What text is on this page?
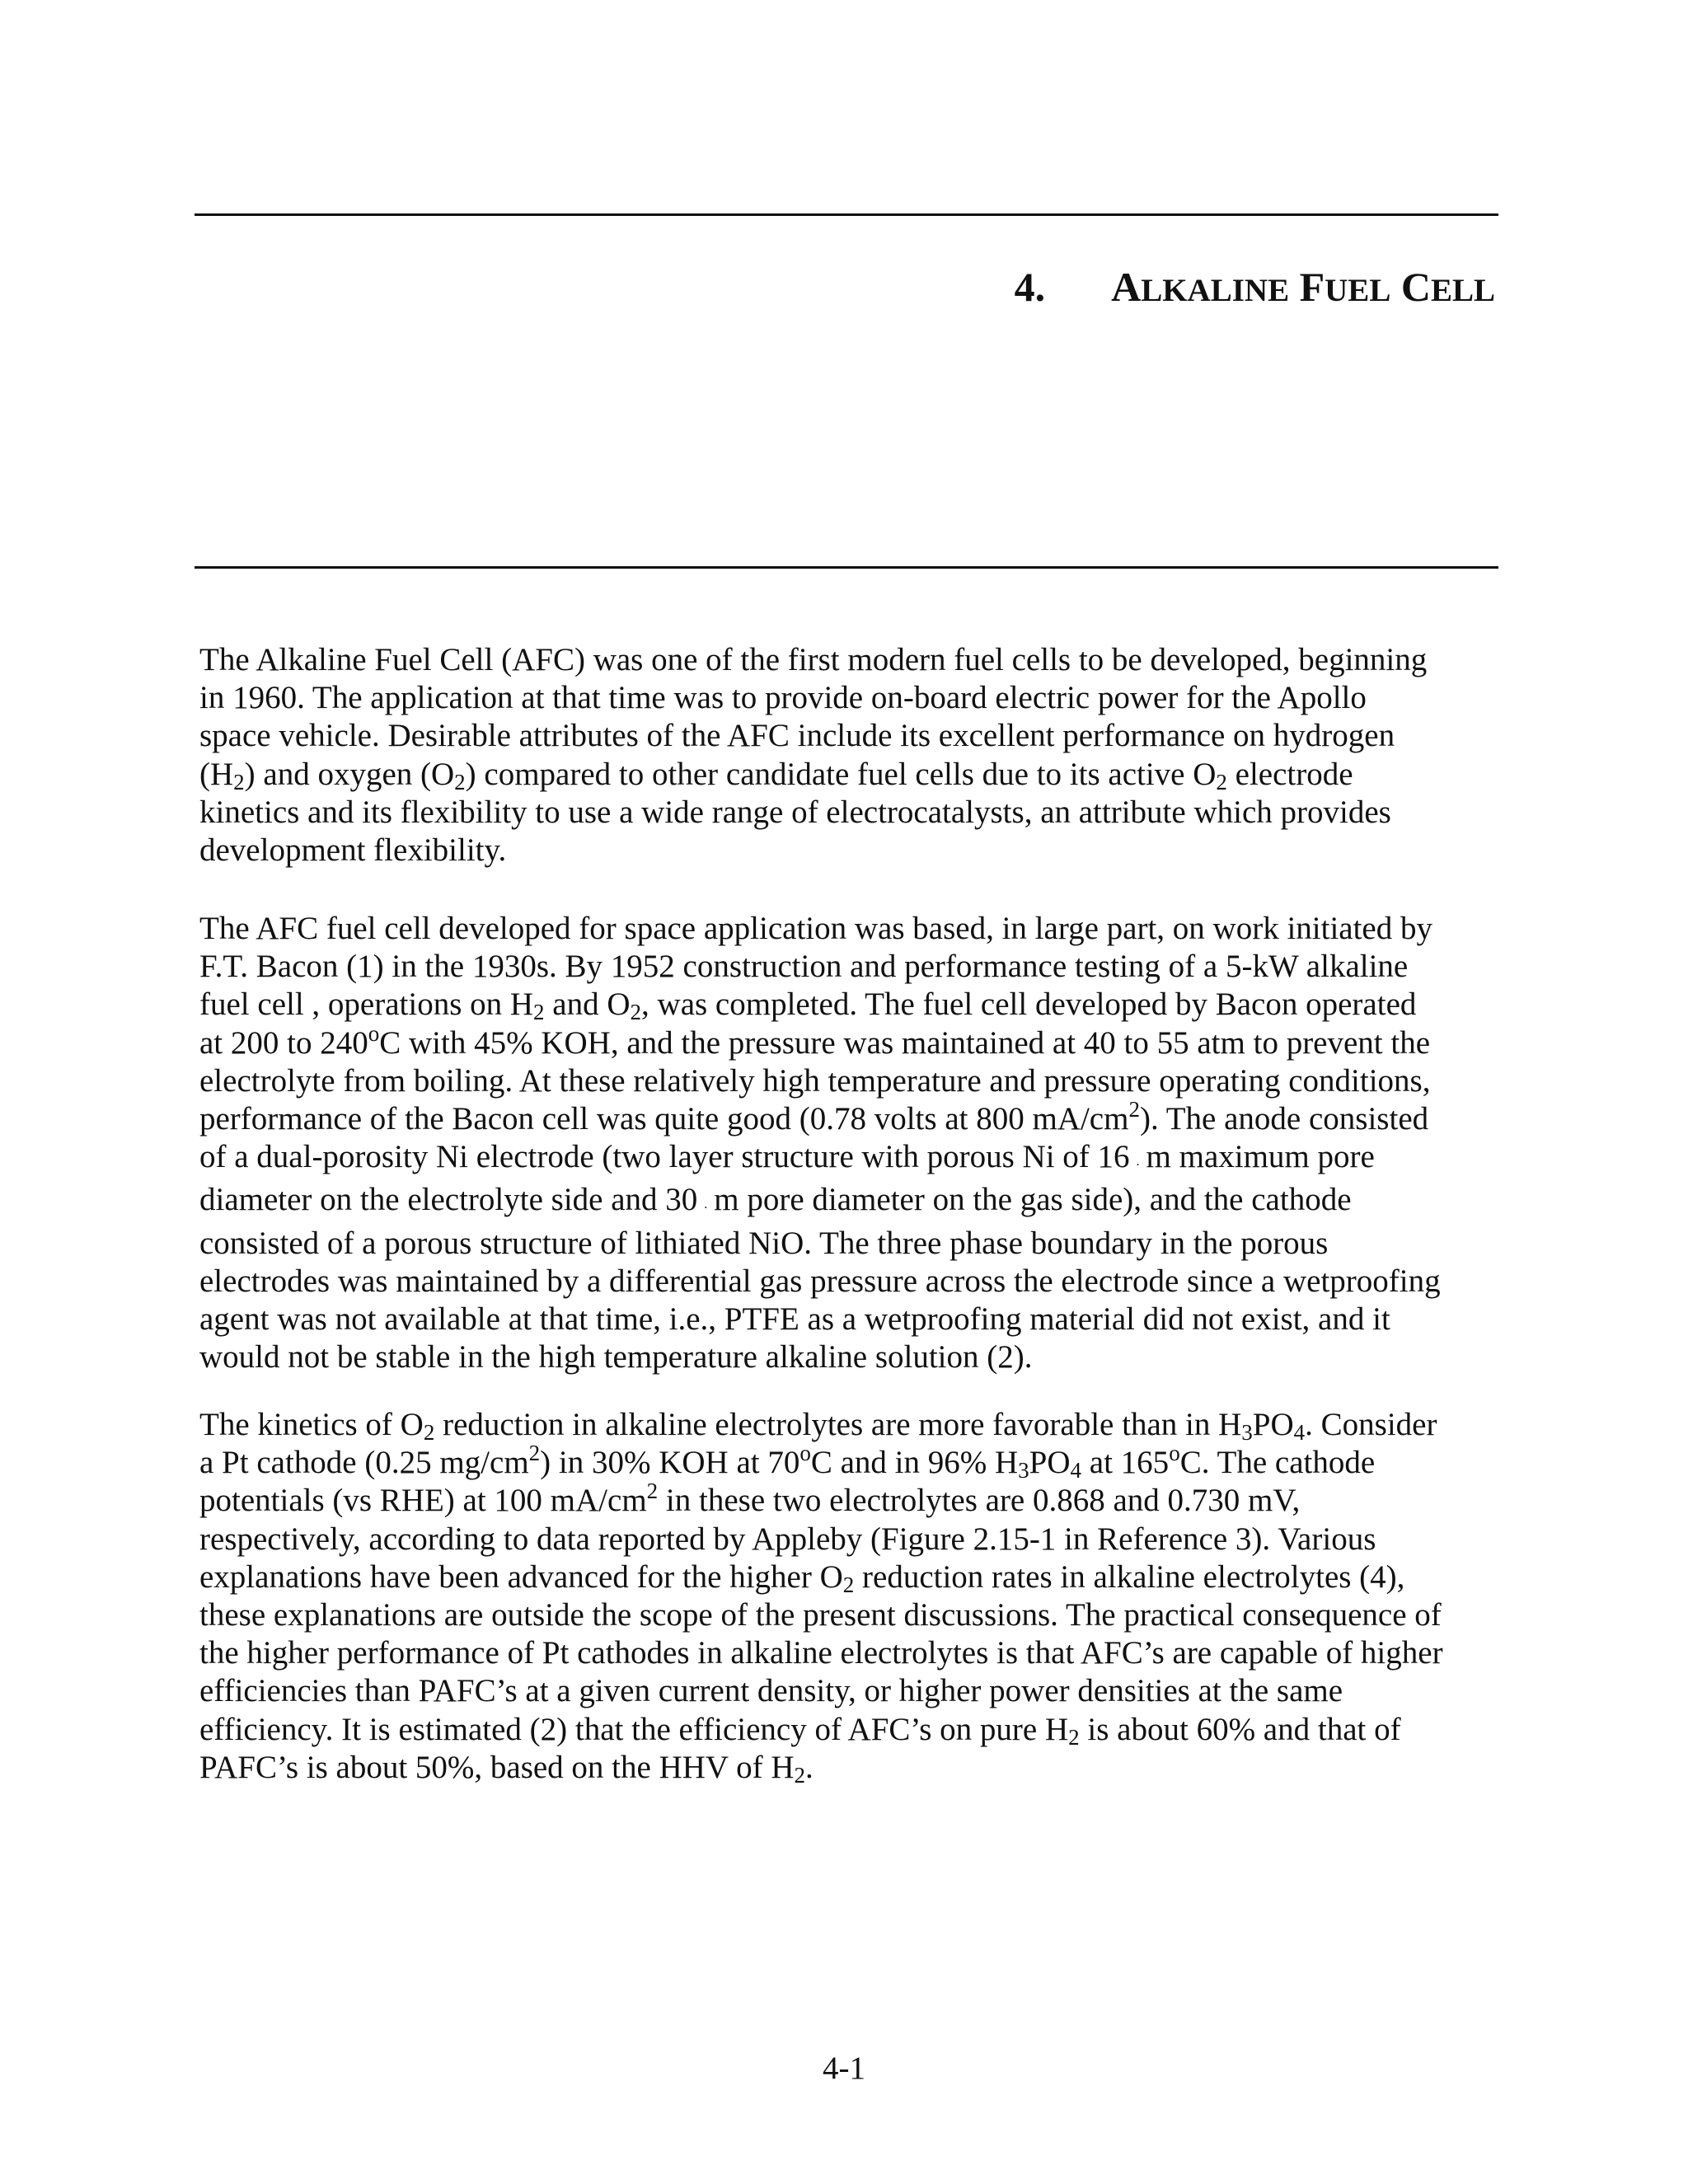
4. ALKALINE FUEL CELL
The Alkaline Fuel Cell (AFC) was one of the first modern fuel cells to be developed, beginning
in 1960. The application at that time was to provide on-board electric power for the Apollo
space vehicle. Desirable attributes of the AFC include its excellent performance on hydrogen
$(H_2)$ and oxygen $(O_2)$ compared to other candidate fuel cells due to its active $O_2$ electrode
kinetics and its flexibility to use a wide range of electrocatalysts, an attribute which provides
development flexibility.
The AFC fuel cell developed for space application was based, in large part, on work initiated by
F.T. Bacon (1) in the 1930s. By 1952 construction and performance testing of a 5-kW alkaline
fuel cell , operations on $H_2$ and $O_2$, was completed. The fuel cell developed by Bacon operated
at 200 to 240$^o$C with 45% KOH, and the pressure was maintained at 40 to 55 atm to prevent the
electrolyte from boiling. At these relatively high temperature and pressure operating conditions,
performance of the Bacon cell was quite good (0.78 volts at 800 $mA/cm^2$). The anode consisted
of a dual-porosity Ni electrode (two layer structure with porous Ni of 16 . m maximum pore
diameter on the electrolyte side and 30 . m pore diameter on the gas side), and the cathode
consisted of a porous structure of lithiated NiO. The three phase boundary in the porous
electrodes was maintained by a differential gas pressure across the electrode since a wetproofing
agent was not available at that time, i.e., PTFE as a wetproofing material did not exist, and it
would not be stable in the high temperature alkaline solution (2).
The kinetics of $O_2$ reduction in alkaline electrolytes are more favorable than in $H_3PO_4$. Consider
a Pt cathode (0.25 $mg/cm^2$) in 30% KOH at 70$^o$C and in 96% $H_3PO_4$ at 165$^o$C. The cathode
potentials (vs RHE) at 100 $mA/cm^2$ in these two electrolytes are 0.868 and 0.730 mV,
respectively, according to data reported by Appleby (Figure 2.15-1 in Reference 3). Various
explanations have been advanced for the higher $O_2$ reduction rates in alkaline electrolytes (4),
these explanations are outside the scope of the present discussions. The practical consequence of
the higher performance of Pt cathodes in alkaline electrolytes is that AFC’s are capable of higher
efficiencies than PAFC’s at a given current density, or higher power densities at the same
efficiency. It is estimated (2) that the efficiency of AFC’s on pure $H_2$ is about 60% and that of
PAFC’s is about 50%, based on the HHV of $H_2$.
4-1
